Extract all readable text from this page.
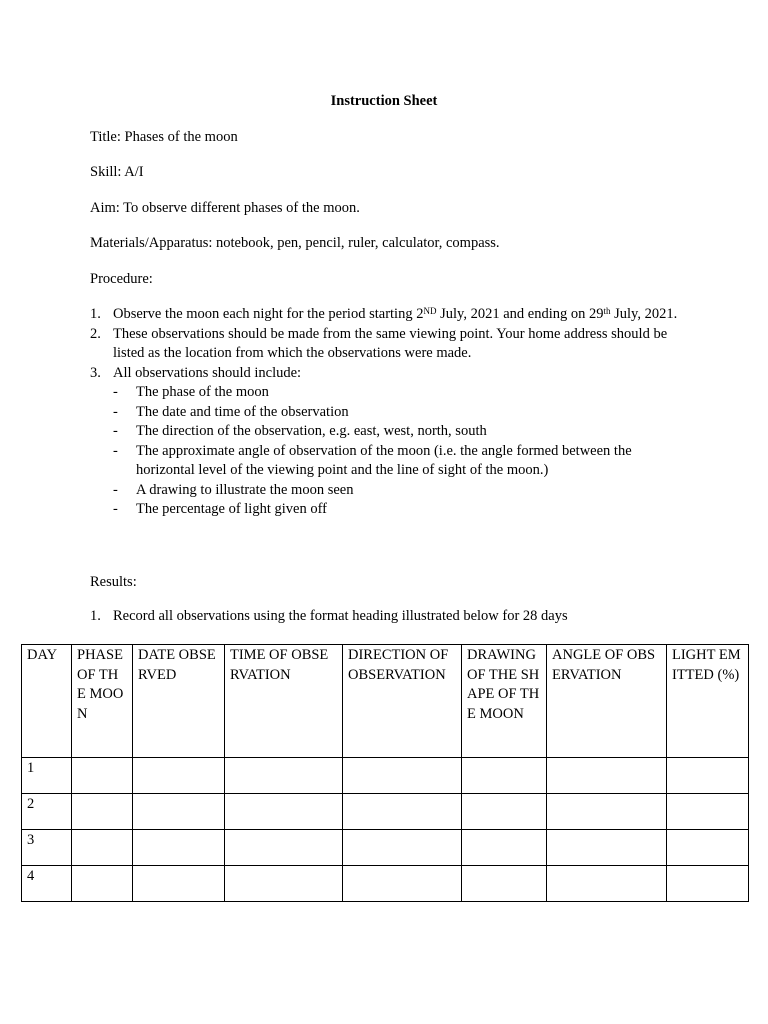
Instruction Sheet
Title: Phases of the moon
Skill: A/I
Aim: To observe different phases of the moon.
Materials/Apparatus: notebook, pen, pencil, ruler, calculator, compass.
Procedure:
1. Observe the moon each night for the period starting 2ND July, 2021 and ending on 29th July, 2021.
2. These observations should be made from the same viewing point. Your home address should be listed as the location from which the observations were made.
3. All observations should include:
- The phase of the moon
- The date and time of the observation
- The direction of the observation, e.g. east, west, north, south
- The approximate angle of observation of the moon (i.e. the angle formed between the horizontal level of the viewing point and the line of sight of the moon.)
- A drawing to illustrate the moon seen
- The percentage of light given off
Results:
1. Record all observations using the format heading illustrated below for 28 days
DAY	PHASE OF THE MOON	DATE OBSERVED	TIME OF OBSERVATION	DIRECTION OF OBSERVATION	DRAWING OF THE SHAPE OF THE MOON	ANGLE OF OBSERVATION	LIGHT EMITTED (%)
1							
2							
3							
4							
